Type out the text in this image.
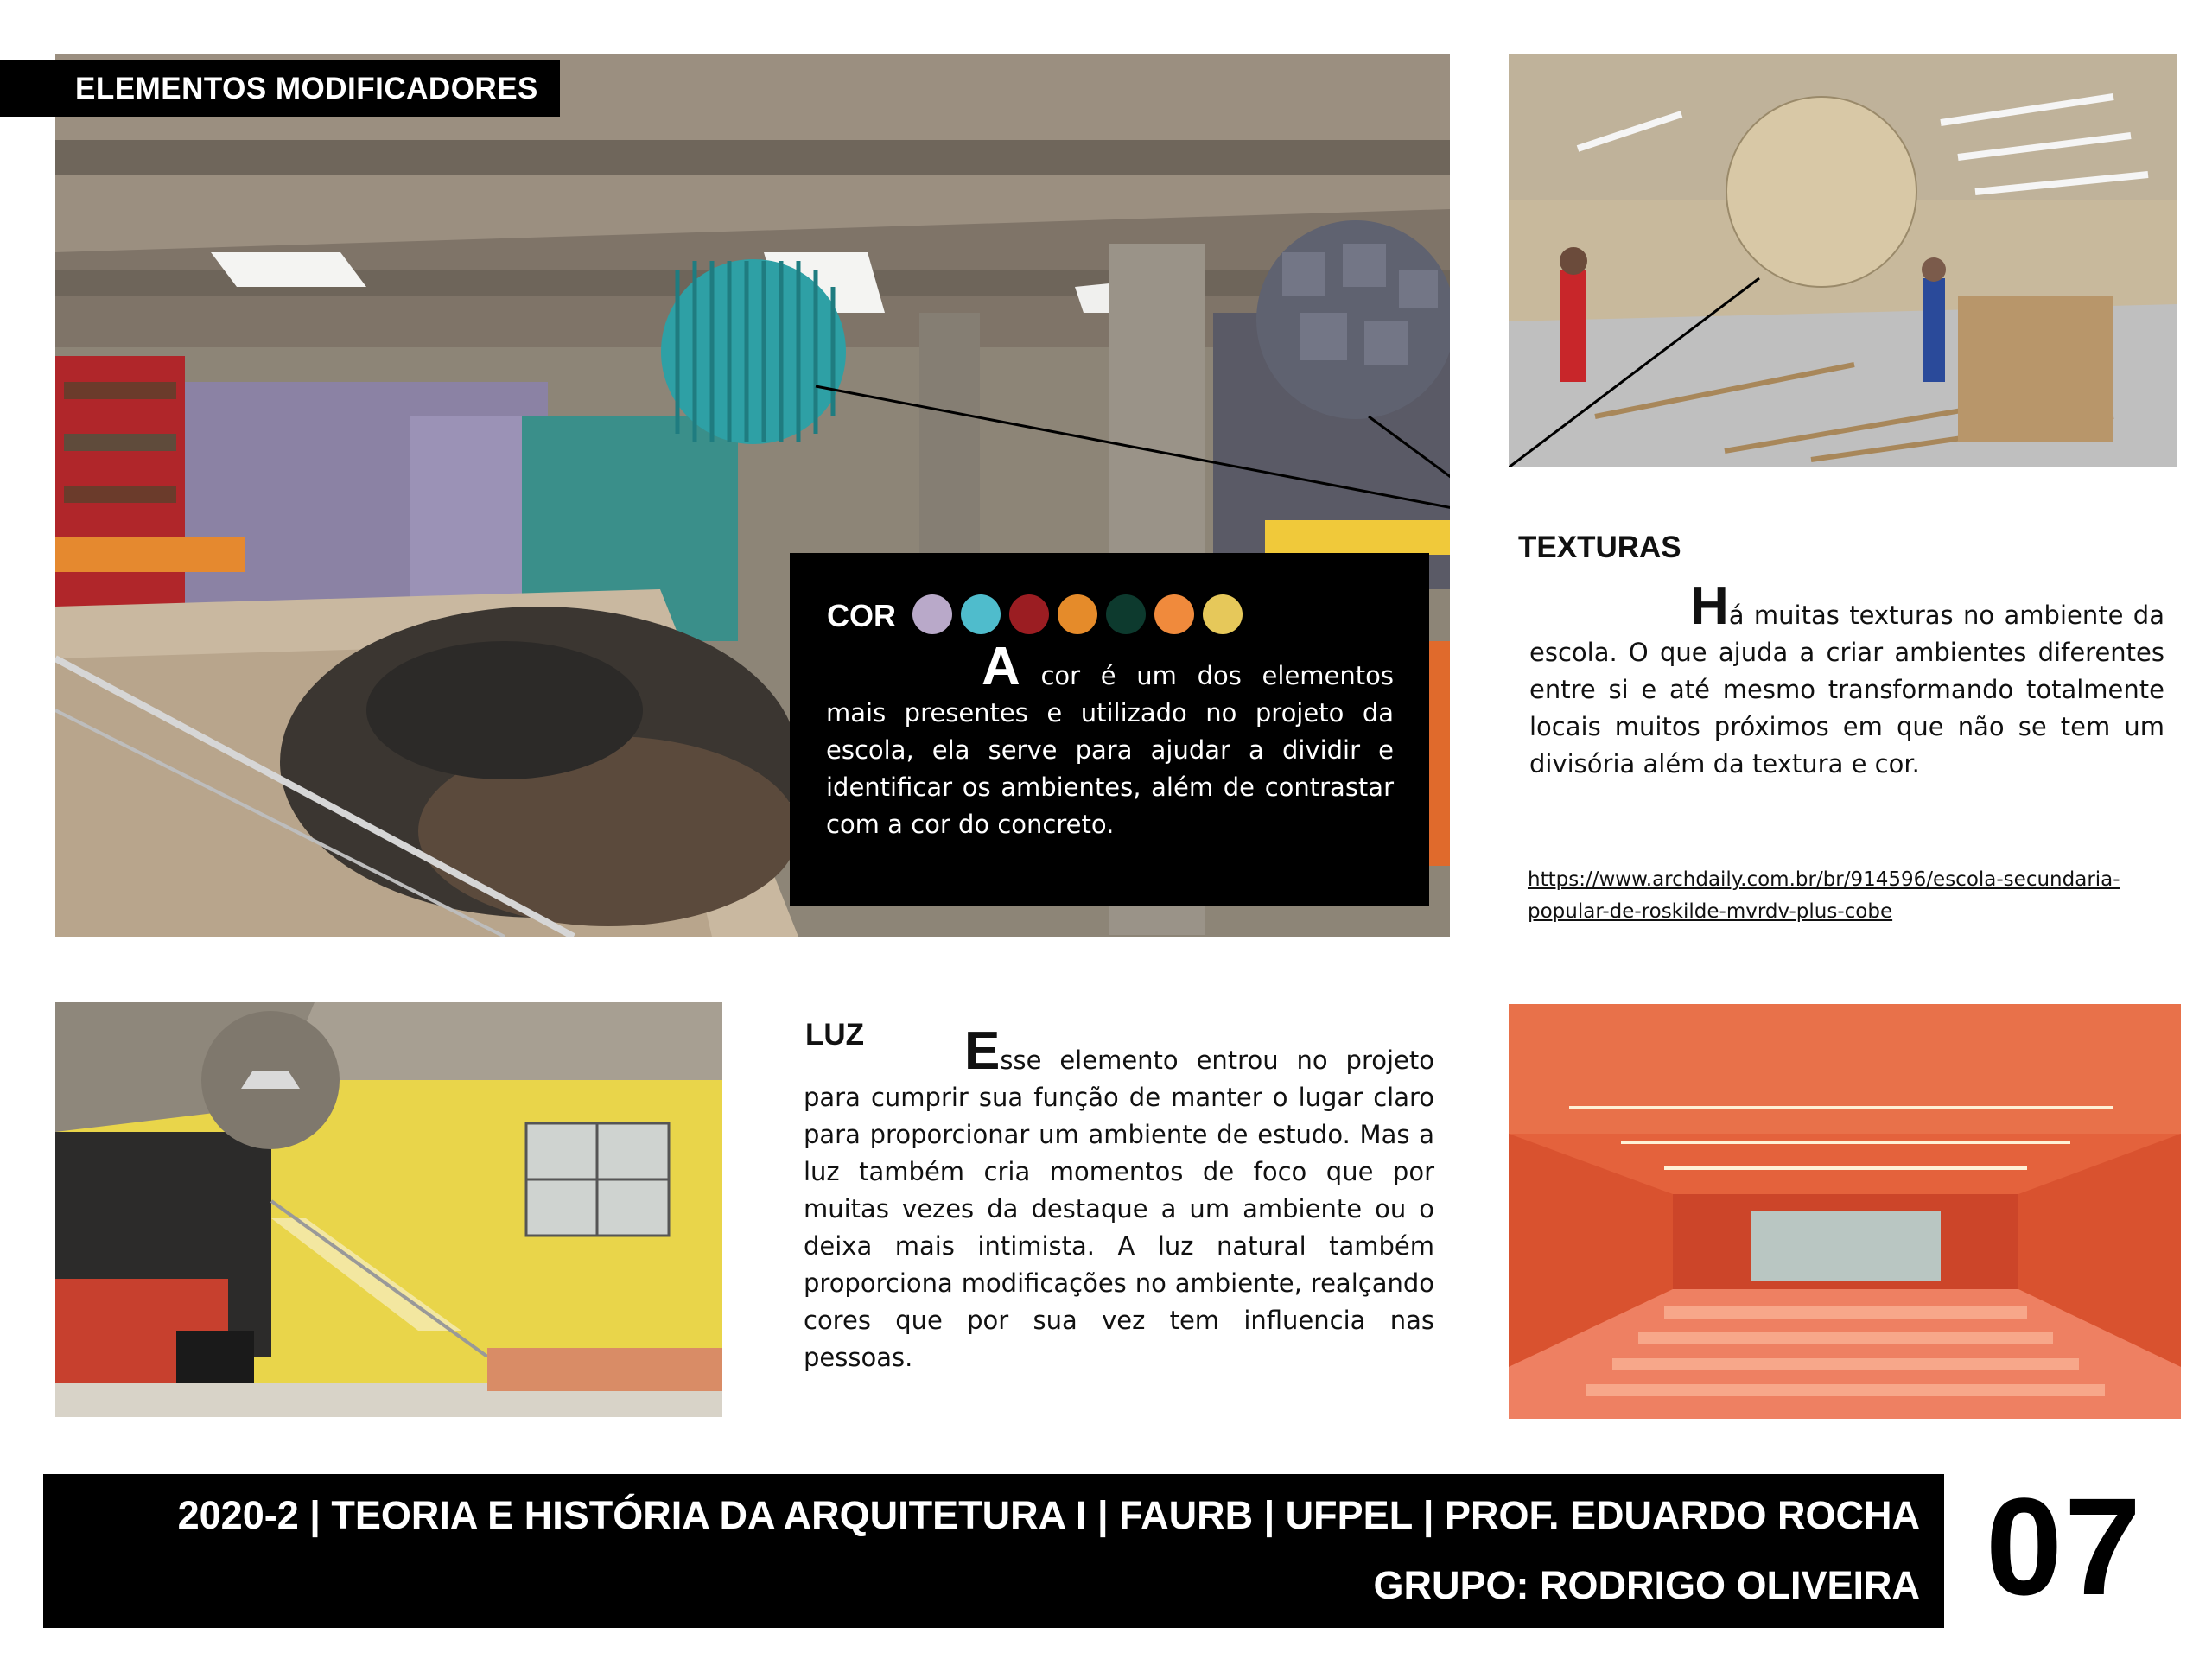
ELEMENTOS MODIFICADORES
COR
A cor é um dos elementos mais presentes e utilizado no projeto da escola, ela serve para ajudar a dividir e identificar os ambientes, além de contrastar com a cor do concreto.
TEXTURAS
Há muitas texturas no ambiente da escola. O que ajuda a criar ambientes diferentes entre si e até mesmo transformando totalmente locais muitos próximos em que não se tem um divisória além da textura e cor.
https://www.archdaily.com.br/br/914596/escola-secundaria-popular-de-roskilde-mvrdv-plus-cobe
LUZ	Esse elemento entrou no projeto para cumprir sua função de manter o lugar claro para proporcionar um ambiente de estudo. Mas a luz também cria momentos de foco que por muitas vezes da destaque a um ambiente ou o deixa mais intimista. A luz natural também proporciona modificações no ambiente, realçando cores que por sua vez tem influencia nas pessoas.
2020-2 | TEORIA E HISTÓRIA DA ARQUITETURA I | FAURB | UFPEL | PROF. EDUARDO ROCHA
GRUPO: RODRIGO OLIVEIRA 07
